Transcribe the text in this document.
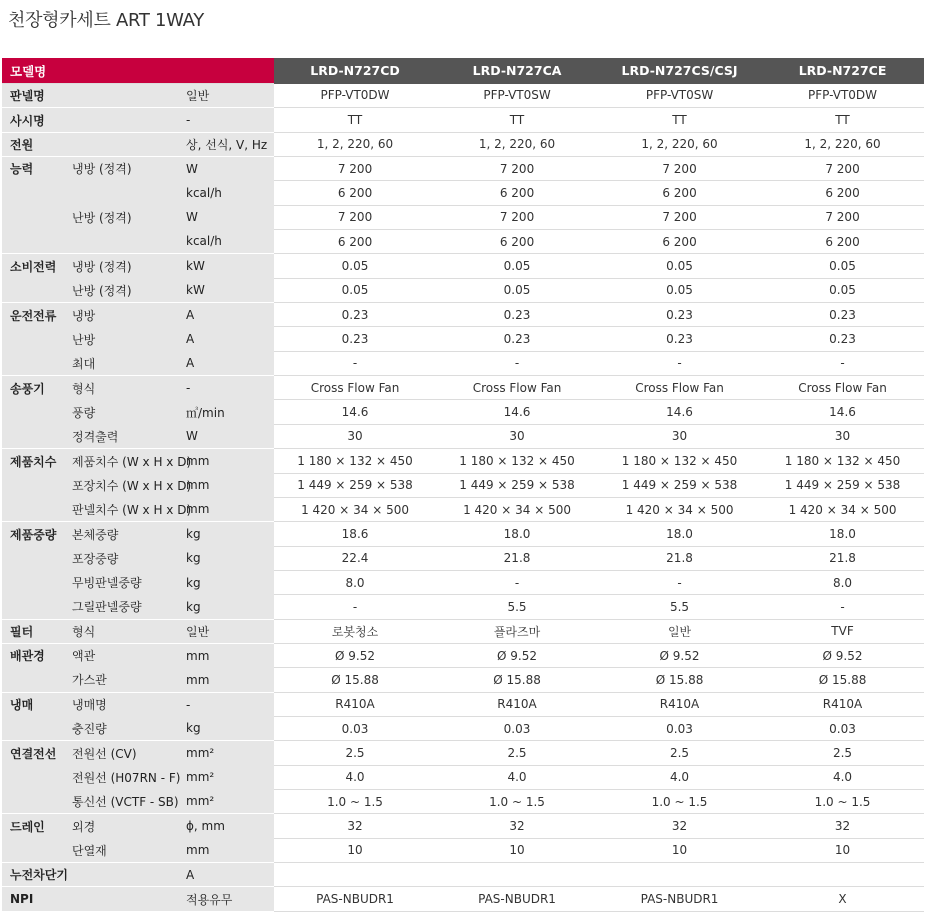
천장형카세트 ART 1WAY
모델명			LRD-N727CD	LRD-N727CA	LRD-N727CS/CSJ	LRD-N727CE
판넬명		일반	PFP-VT0DW	PFP-VT0SW	PFP-VT0SW	PFP-VT0DW
사시명		-	TT	TT	TT	TT
전원		상, 선식, V, Hz	1, 2, 220, 60	1, 2, 220, 60	1, 2, 220, 60	1, 2, 220, 60
능력	냉방 (정격)	W	7 200	7 200	7 200	7 200
		kcal/h	6 200	6 200	6 200	6 200
	난방 (정격)	W	7 200	7 200	7 200	7 200
		kcal/h	6 200	6 200	6 200	6 200
소비전력	냉방 (정격)	kW	0.05	0.05	0.05	0.05
	난방 (정격)	kW	0.05	0.05	0.05	0.05
운전전류	냉방	A	0.23	0.23	0.23	0.23
	난방	A	0.23	0.23	0.23	0.23
	최대	A	-	-	-	-
송풍기	형식	-	Cross Flow Fan	Cross Flow Fan	Cross Flow Fan	Cross Flow Fan
	풍량	㎥/min	14.6	14.6	14.6	14.6
	정격출력	W	30	30	30	30
제품치수	제품치수 (W x H x D)	mm	1 180 × 132 × 450	1 180 × 132 × 450	1 180 × 132 × 450	1 180 × 132 × 450
	포장치수 (W x H x D)	mm	1 449 × 259 × 538	1 449 × 259 × 538	1 449 × 259 × 538	1 449 × 259 × 538
	판넬치수 (W x H x D)	mm	1 420 × 34 × 500	1 420 × 34 × 500	1 420 × 34 × 500	1 420 × 34 × 500
제품중량	본체중량	kg	18.6	18.0	18.0	18.0
	포장중량	kg	22.4	21.8	21.8	21.8
	무빙판넬중량	kg	8.0	-	-	8.0
	그릴판넬중량	kg	-	5.5	5.5	-
필터	형식	일반	로봇청소	플라즈마	일반	TVF
배관경	액관	mm	Ø 9.52	Ø 9.52	Ø 9.52	Ø 9.52
	가스관	mm	Ø 15.88	Ø 15.88	Ø 15.88	Ø 15.88
냉매	냉매명	-	R410A	R410A	R410A	R410A
	충진량	kg	0.03	0.03	0.03	0.03
연결전선	전원선 (CV)	mm²	2.5	2.5	2.5	2.5
	전원선 (H07RN - F)	mm²	4.0	4.0	4.0	4.0
	통신선 (VCTF - SB)	mm²	1.0 ~ 1.5	1.0 ~ 1.5	1.0 ~ 1.5	1.0 ~ 1.5
드레인	외경	ϕ, mm	32	32	32	32
	단열재	mm	10	10	10	10
누전차단기		A				
NPI		적용유무	PAS-NBUDR1	PAS-NBUDR1	PAS-NBUDR1	X
